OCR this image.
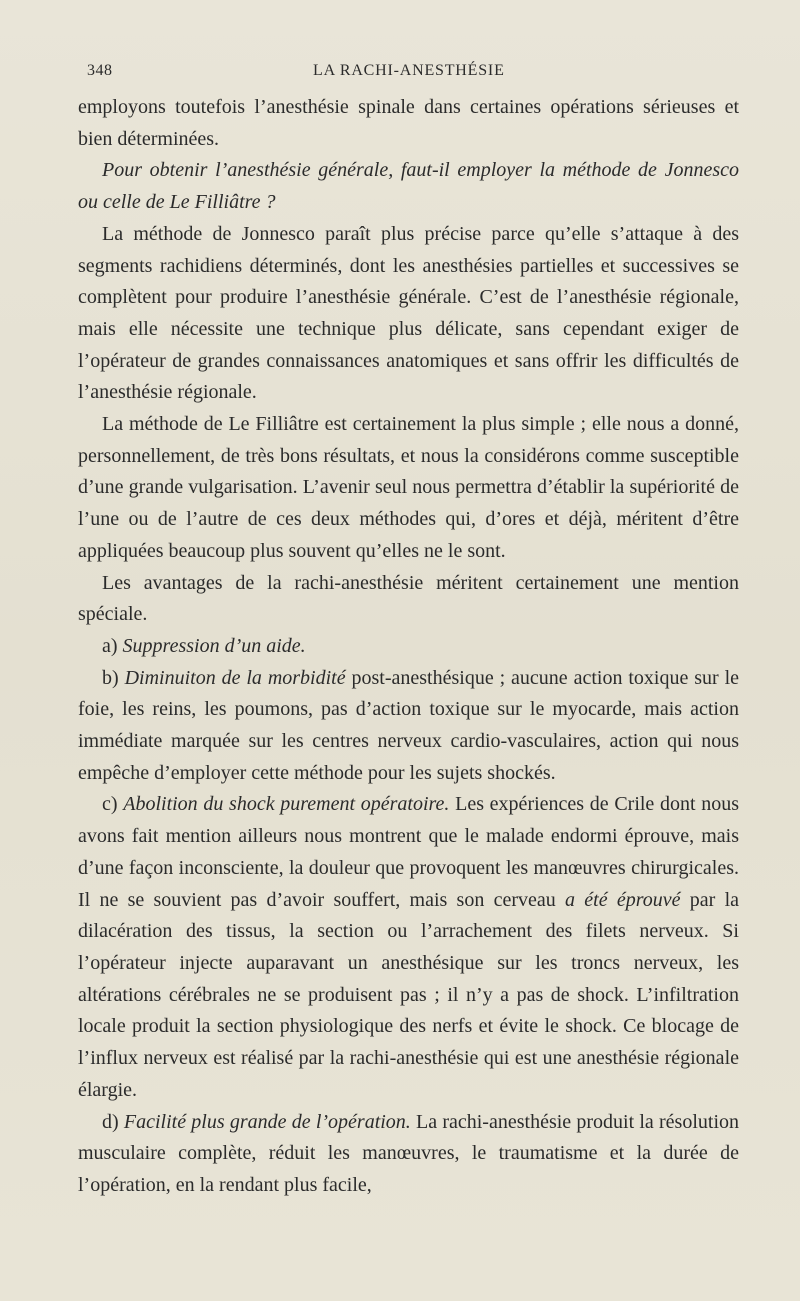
348	LA RACHI-ANESTHÉSIE

employons toutefois l’anesthésie spinale dans certaines opérations sérieuses et bien déterminées.

Pour obtenir l’anesthésie générale, faut-il employer la méthode de Jonnesco ou celle de Le Filliâtre ?

La méthode de Jonnesco paraît plus précise parce qu’elle s’attaque à des segments rachidiens déterminés, dont les anesthésies partielles et successives se complètent pour produire l’anesthésie générale. C’est de l’anesthésie régionale, mais elle nécessite une technique plus délicate, sans cependant exiger de l’opérateur de grandes connaissances anatomiques et sans offrir les difficultés de l’anesthésie régionale.

La méthode de Le Filliâtre est certainement la plus simple ; elle nous a donné, personnellement, de très bons résultats, et nous la considérons comme susceptible d’une grande vulgarisation. L’avenir seul nous permettra d’établir la supériorité de l’une ou de l’autre de ces deux méthodes qui, d’ores et déjà, méritent d’être appliquées beaucoup plus souvent qu’elles ne le sont.

Les avantages de la rachi-anesthésie méritent certainement une mention spéciale.

a) Suppression d’un aide.

b) Diminuiton de la morbidité post-anesthésique ; aucune action toxique sur le foie, les reins, les poumons, pas d’action toxique sur le myocarde, mais action immédiate marquée sur les centres nerveux cardio-vasculaires, action qui nous empêche d’employer cette méthode pour les sujets shockés.

c) Abolition du shock purement opératoire. Les expériences de Crile dont nous avons fait mention ailleurs nous montrent que le malade endormi éprouve, mais d’une façon inconsciente, la douleur que provoquent les manœuvres chirurgicales. Il ne se souvient pas d’avoir souffert, mais son cerveau a été éprouvé par la dilacération des tissus, la section ou l’arrachement des filets nerveux. Si l’opérateur injecte auparavant un anesthésique sur les troncs nerveux, les altérations cérébrales ne se produisent pas ; il n’y a pas de shock. L’infiltration locale produit la section physiologique des nerfs et évite le shock. Ce blocage de l’influx nerveux est réalisé par la rachi-anesthésie qui est une anesthésie régionale élargie.

d) Facilité plus grande de l’opération. La rachi-anesthésie produit la résolution musculaire complète, réduit les manœuvres, le traumatisme et la durée de l’opération, en la rendant plus facile,
